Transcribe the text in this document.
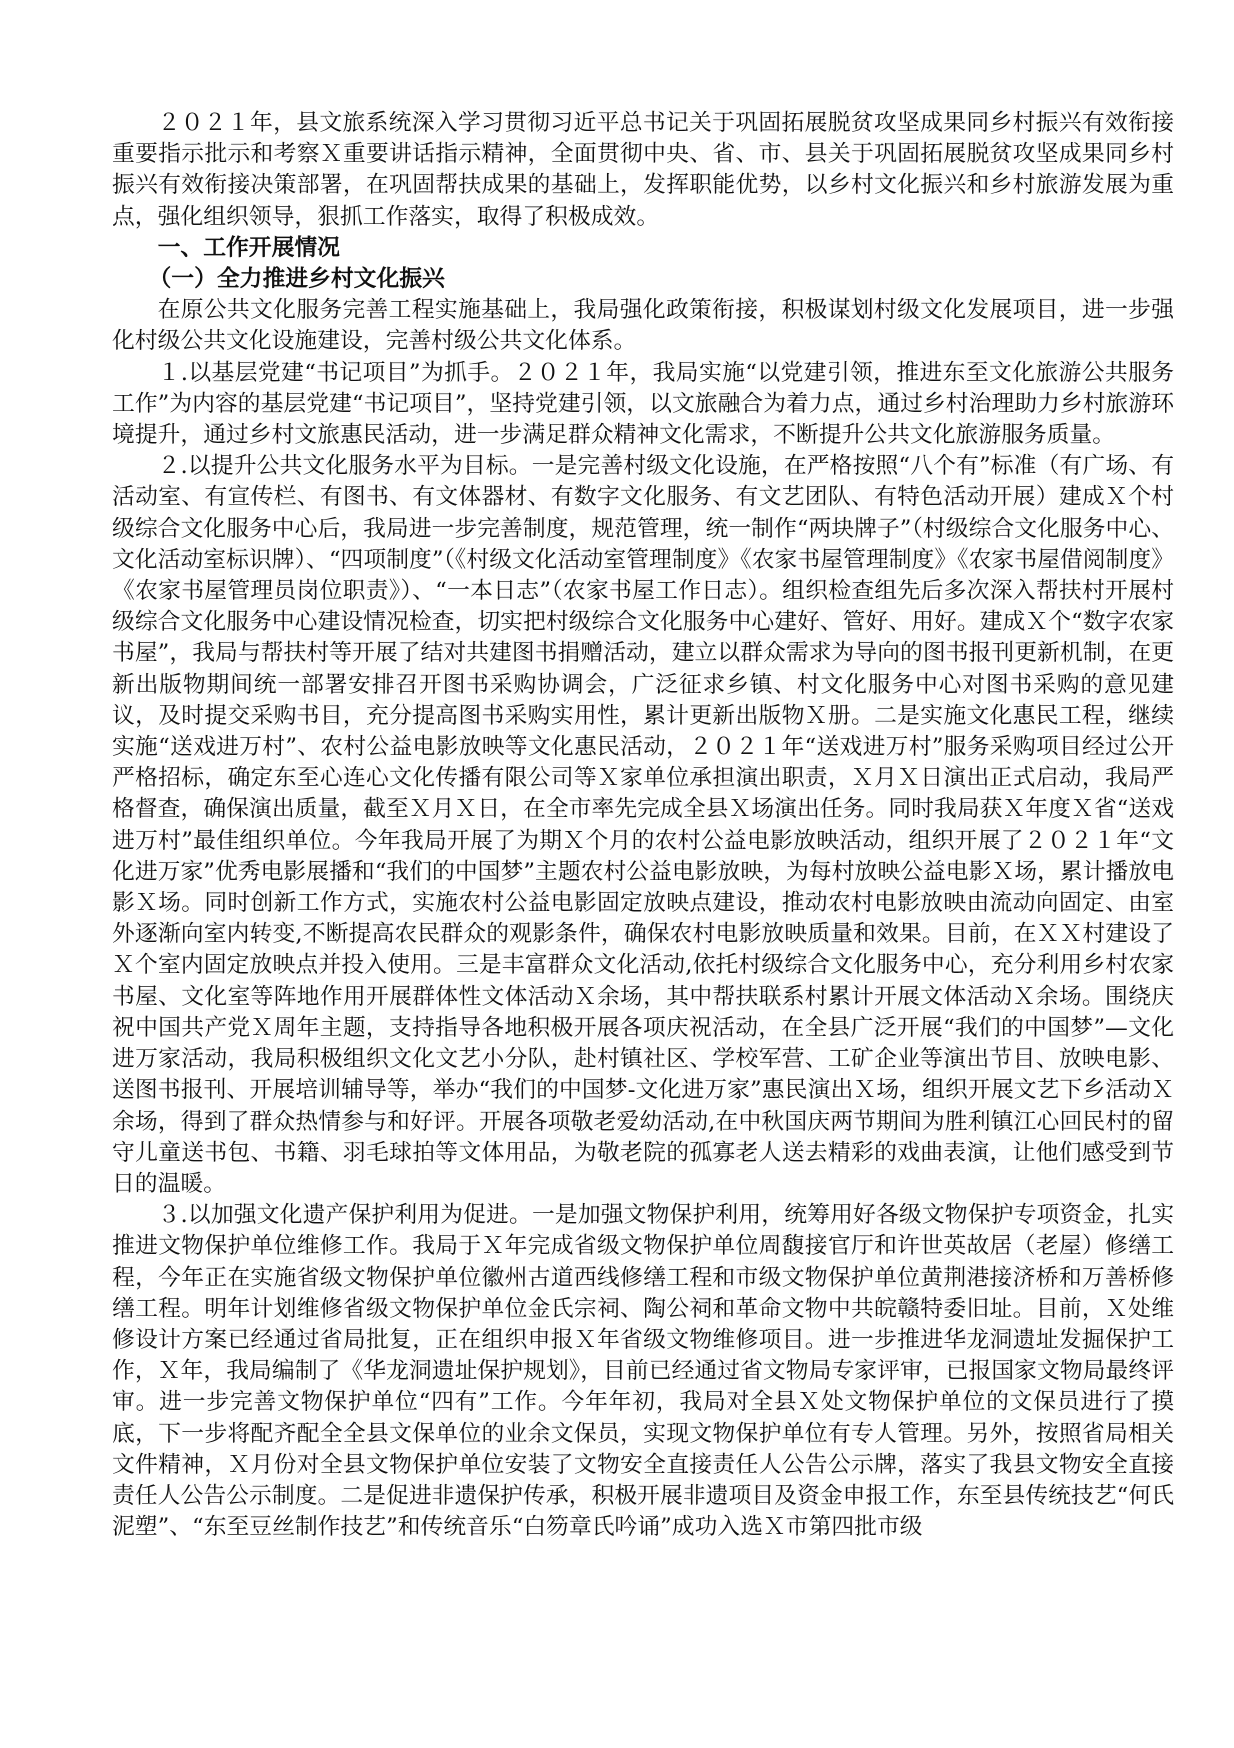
２０２１年，县文旅系统深入学习贯彻习近平总书记关于巩固拓展脱贫攻坚成果同乡村振兴有效衔接重要指示批示和考察Ｘ重要讲话指示精神，全面贯彻中央、省、市、县关于巩固拓展脱贫攻坚成果同乡村振兴有效衔接决策部署，在巩固帮扶成果的基础上，发挥职能优势，以乡村文化振兴和乡村旅游发展为重点，强化组织领导，狠抓工作落实，取得了积极成效。

一、工作开展情况

（一）全力推进乡村文化振兴

在原公共文化服务完善工程实施基础上，我局强化政策衔接，积极谋划村级文化发展项目，进一步强化村级公共文化设施建设，完善村级公共文化体系。

１.以基层党建“书记项目”为抓手。２０２１年，我局实施“以党建引领，推进东至文化旅游公共服务工作”为内容的基层党建“书记项目”，坚持党建引领，以文旅融合为着力点，通过乡村治理助力乡村旅游环境提升，通过乡村文旅惠民活动，进一步满足群众精神文化需求，不断提升公共文化旅游服务质量。

２.以提升公共文化服务水平为目标。一是完善村级文化设施，在严格按照“八个有”标准（有广场、有活动室、有宣传栏、有图书、有文体器材、有数字文化服务、有文艺团队、有特色活动开展）建成Ｘ个村级综合文化服务中心后，我局进一步完善制度，规范管理，统一制作“两块牌子”（村级综合文化服务中心、文化活动室标识牌）、“四项制度”（《村级文化活动室管理制度》《农家书屋管理制度》《农家书屋借阅制度》《农家书屋管理员岗位职责》）、“一本日志”（农家书屋工作日志）。组织检查组先后多次深入帮扶村开展村级综合文化服务中心建设情况检查，切实把村级综合文化服务中心建好、管好、用好。建成Ｘ个“数字农家书屋”，我局与帮扶村等开展了结对共建图书捐赠活动，建立以群众需求为导向的图书报刊更新机制，在更新出版物期间统一部署安排召开图书采购协调会，广泛征求乡镇、村文化服务中心对图书采购的意见建议，及时提交采购书目，充分提高图书采购实用性，累计更新出版物Ｘ册。二是实施文化惠民工程，继续实施“送戏进万村”、农村公益电影放映等文化惠民活动，２０２１年“送戏进万村”服务采购项目经过公开严格招标，确定东至心连心文化传播有限公司等Ｘ家单位承担演出职责，Ｘ月Ｘ日演出正式启动，我局严格督查，确保演出质量，截至Ｘ月Ｘ日，在全市率先完成全县Ｘ场演出任务。同时我局获Ｘ年度Ｘ省“送戏进万村”最佳组织单位。今年我局开展了为期Ｘ个月的农村公益电影放映活动，组织开展了２０２１年“文化进万家”优秀电影展播和“我们的中国梦”主题农村公益电影放映，为每村放映公益电影Ｘ场，累计播放电影Ｘ场。同时创新工作方式，实施农村公益电影固定放映点建设，推动农村电影放映由流动向固定、由室外逐渐向室内转变,不断提高农民群众的观影条件，确保农村电影放映质量和效果。目前，在ＸＸ村建设了Ｘ个室内固定放映点并投入使用。三是丰富群众文化活动,依托村级综合文化服务中心，充分利用乡村农家书屋、文化室等阵地作用开展群体性文体活动Ｘ余场，其中帮扶联系村累计开展文体活动Ｘ余场。围绕庆祝中国共产党Ｘ周年主题，支持指导各地积极开展各项庆祝活动，在全县广泛开展“我们的中国梦”—文化进万家活动，我局积极组织文化文艺小分队，赴村镇社区、学校军营、工矿企业等演出节目、放映电影、送图书报刊、开展培训辅导等，举办“我们的中国梦-文化进万家”惠民演出Ｘ场，组织开展文艺下乡活动Ｘ余场，得到了群众热情参与和好评。开展各项敬老爱幼活动,在中秋国庆两节期间为胜利镇江心回民村的留守儿童送书包、书籍、羽毛球拍等文体用品，为敬老院的孤寡老人送去精彩的戏曲表演，让他们感受到节日的温暖。

３.以加强文化遗产保护利用为促进。一是加强文物保护利用，统筹用好各级文物保护专项资金，扎实推进文物保护单位维修工作。我局于Ｘ年完成省级文物保护单位周馥接官厅和许世英故居（老屋）修缮工程，今年正在实施省级文物保护单位徽州古道西线修缮工程和市级文物保护单位黄荆港接济桥和万善桥修缮工程。明年计划维修省级文物保护单位金氏宗祠、陶公祠和革命文物中共皖赣特委旧址。目前，Ｘ处维修设计方案已经通过省局批复，正在组织申报Ｘ年省级文物维修项目。进一步推进华龙洞遗址发掘保护工作，Ｘ年，我局编制了《华龙洞遗址保护规划》，目前已经通过省文物局专家评审，已报国家文物局最终评审。进一步完善文物保护单位“四有”工作。今年年初，我局对全县Ｘ处文物保护单位的文保员进行了摸底，下一步将配齐配全全县文保单位的业余文保员，实现文物保护单位有专人管理。另外，按照省局相关文件精神，Ｘ月份对全县文物保护单位安装了文物安全直接责任人公告公示牌，落实了我县文物安全直接责任人公告公示制度。二是促进非遗保护传承，积极开展非遗项目及资金申报工作，东至县传统技艺“何氏泥塑”、“东至豆丝制作技艺”和传统音乐“白笏章氏吟诵”成功入选Ｘ市第四批市级
